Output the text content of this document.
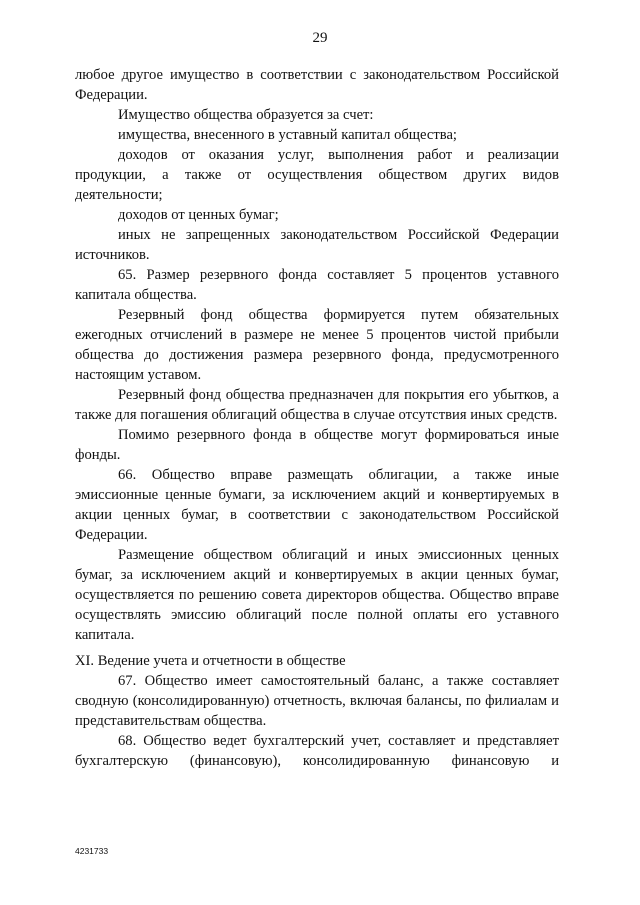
29

любое другое имущество в соответствии с законодательством Российской Федерации.

Имущество общества образуется за счет:

имущества, внесенного в уставный капитал общества;

доходов от оказания услуг, выполнения работ и реализации продукции, а также от осуществления обществом других видов деятельности;

доходов от ценных бумаг;

иных не запрещенных законодательством Российской Федерации источников.

65. Размер резервного фонда составляет 5 процентов уставного капитала общества.

Резервный фонд общества формируется путем обязательных ежегодных отчислений в размере не менее 5 процентов чистой прибыли общества до достижения размера резервного фонда, предусмотренного настоящим уставом.

Резервный фонд общества предназначен для покрытия его убытков, а также для погашения облигаций общества в случае отсутствия иных средств.

Помимо резервного фонда в обществе могут формироваться иные фонды.

66. Общество вправе размещать облигации, а также иные эмиссионные ценные бумаги, за исключением акций и конвертируемых в акции ценных бумаг, в соответствии с законодательством Российской Федерации.

Размещение обществом облигаций и иных эмиссионных ценных бумаг, за исключением акций и конвертируемых в акции ценных бумаг, осуществляется по решению совета директоров общества. Общество вправе осуществлять эмиссию облигаций после полной оплаты его уставного капитала.

XI. Ведение учета и отчетности в обществе

67. Общество имеет самостоятельный баланс, а также составляет сводную (консолидированную) отчетность, включая балансы, по филиалам и представительствам общества.

68. Общество ведет бухгалтерский учет, составляет и представляет бухгалтерскую (финансовую), консолидированную финансовую и

4231733
